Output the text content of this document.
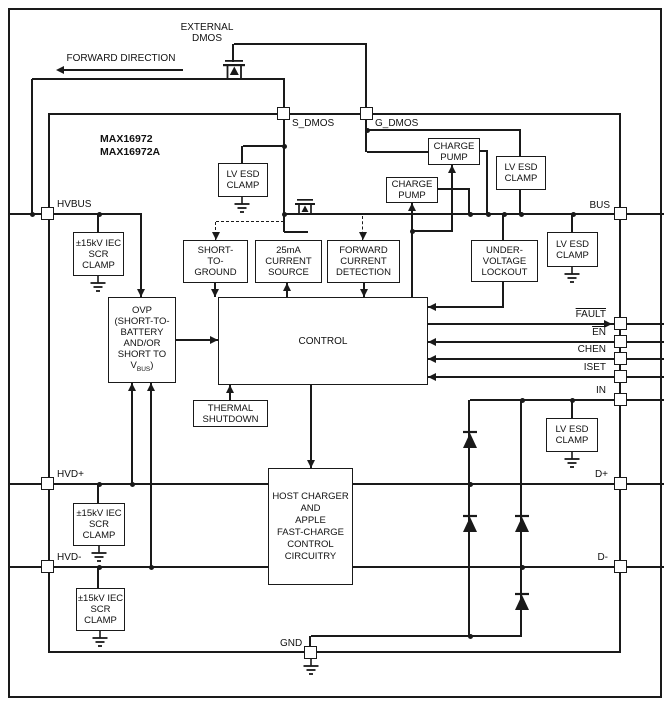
EXTERNAL
DMOS
FORWARD DIRECTION
MAX16972
MAX16972A
LV ESD
CLAMP
CHARGE
PUMP
CHARGE
PUMP
LV ESD
CLAMP
LV ESD
CLAMP
LV ESD
CLAMP
±15kV IEC
SCR
CLAMP
±15kV IEC
SCR
CLAMP
±15kV IEC
SCR
CLAMP
SHORT-
TO-
GROUND
25mA
CURRENT
SOURCE
FORWARD
CURRENT
DETECTION
UNDER-
VOLTAGE
LOCKOUT
OVP
(SHORT-TO-
BATTERY
AND/OR
SHORT TO
$V_{BUS}$)
CONTROL
THERMAL
SHUTDOWN
HOST CHARGER
AND
APPLE
FAST-CHARGE
CONTROL
CIRCUITRY
S_DMOS	G_DMOS
HVBUS
HVD+
HVD-
BUS
FAULT
$\overline{EN}$
CHEN
ISET
IN
D+
D-
GND
